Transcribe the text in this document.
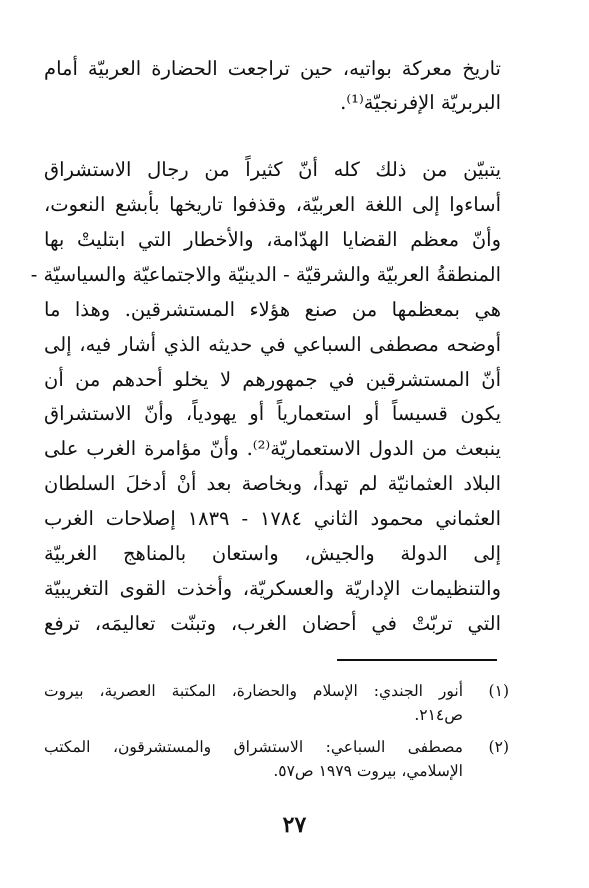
تاريخ معركة بواتيه، حين تراجعت الحضارة العربيّة أمام
البربريّة الإفرنجيّة⁽¹⁾.
يتبيّن من ذلك كله أنّ كثيراً من رجال الاستشراق
أساءوا إلى اللغة العربيّة، وقذفوا تاريخها بأبشع النعوت،
وأنّ معظم القضايا الهدّامة، والأخطار التي ابتليتْ بها
المنطقةُ العربيّة والشرقيّة - الدينيّة والاجتماعيّة والسياسيّة -
هي بمعظمها من صنع هؤلاء المستشرقين. وهذا ما
أوضحه مصطفى السباعي في حديثه الذي أشار فيه، إلى
أنّ المستشرقين في جمهورهم لا يخلو أحدهم من أن
يكون قسيساً أو استعمارياً أو يهودياً، وأنّ الاستشراق
ينبعث من الدول الاستعماريّة⁽²⁾. وأنّ مؤامرة الغرب على
البلاد العثمانيّة لم تهدأ، وبخاصة بعد أنْ أدخلَ السلطان
العثماني محمود الثاني ١٧٨٤ - ١٨٣٩ إصلاحات الغرب
إلى الدولة والجيش، واستعان بالمناهج الغربيّة
والتنظيمات الإداريّة والعسكريّة، وأخذت القوى التغريبيّة
التي تربّتْ في أحضان الغرب، وتبنّت تعاليمَه، ترفع
(١)
أنور الجندي: الإسلام والحضارة، المكتبة العصرية، بيروت
ص٢١٤.
(٢)
مصطفى السباعي: الاستشراق والمستشرقون، المكتب
الإسلامي، بيروت ١٩٧٩ ص٥٧.
٢٧
